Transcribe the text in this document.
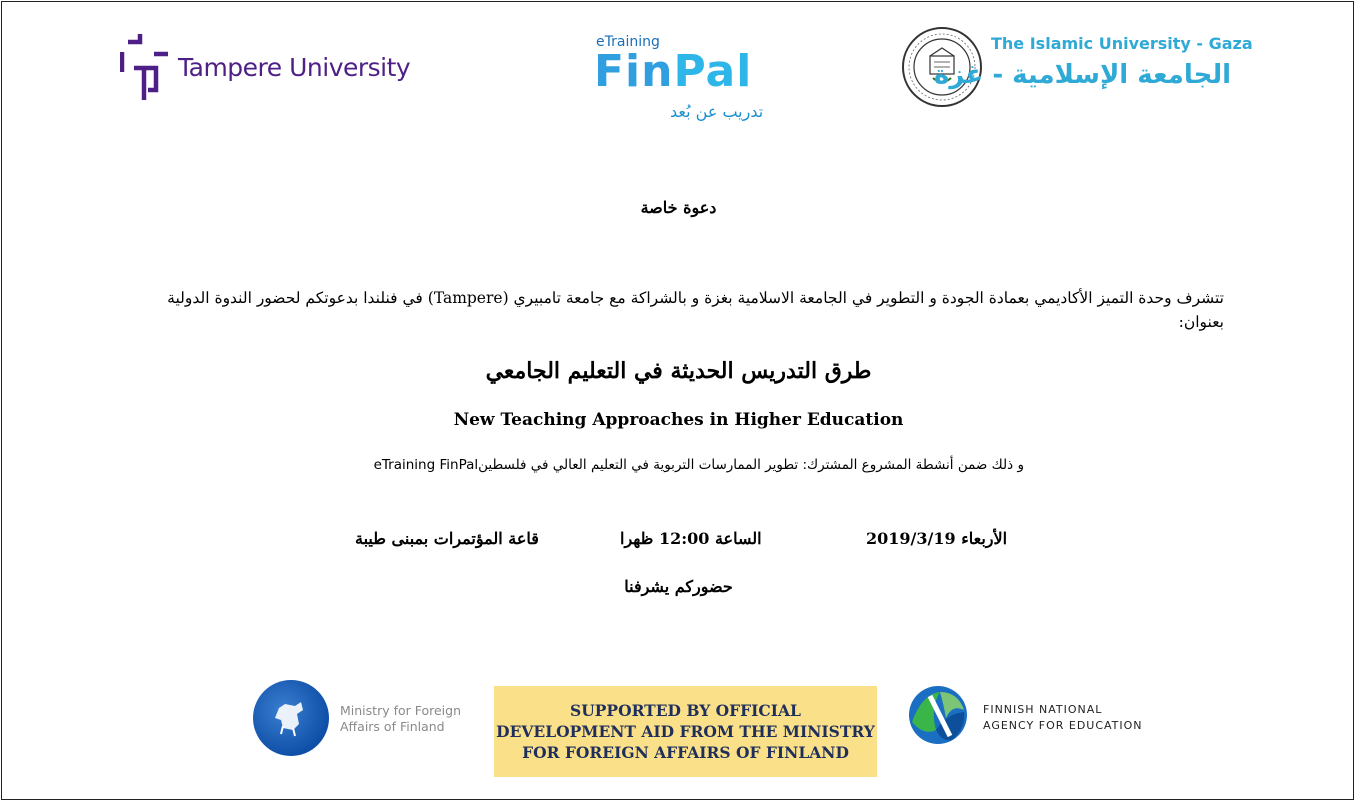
Tampere University
eTraining
FinPal
تدريب عن بُعد
The Islamic University - Gaza
الجامعة الإسلامية - غزة
دعوة خاصة
تتشرف وحدة التميز الأكاديمي بعمادة الجودة و التطوير في الجامعة الاسلامية بغزة و بالشراكة مع جامعة تامبيري (Tampere) في فنلندا بدعوتكم لحضور الندوة الدولية
بعنوان:
طرق التدريس الحديثة في التعليم الجامعي
New Teaching Approaches in Higher Education
و ذلك ضمن أنشطة المشروع المشترك: تطوير الممارسات التربوية في التعليم العالي في فلسطينeTraining FinPal
الأربعاء 2019/3/19
الساعة 12:00 ظهرا
قاعة المؤتمرات بمبنى طيبة
حضوركم يشرفنا
Ministry for Foreign
Affairs of Finland
SUPPORTED BY OFFICIAL
DEVELOPMENT AID FROM THE MINISTRY
FOR FOREIGN AFFAIRS OF FINLAND
FINNISH NATIONAL
AGENCY FOR EDUCATION
